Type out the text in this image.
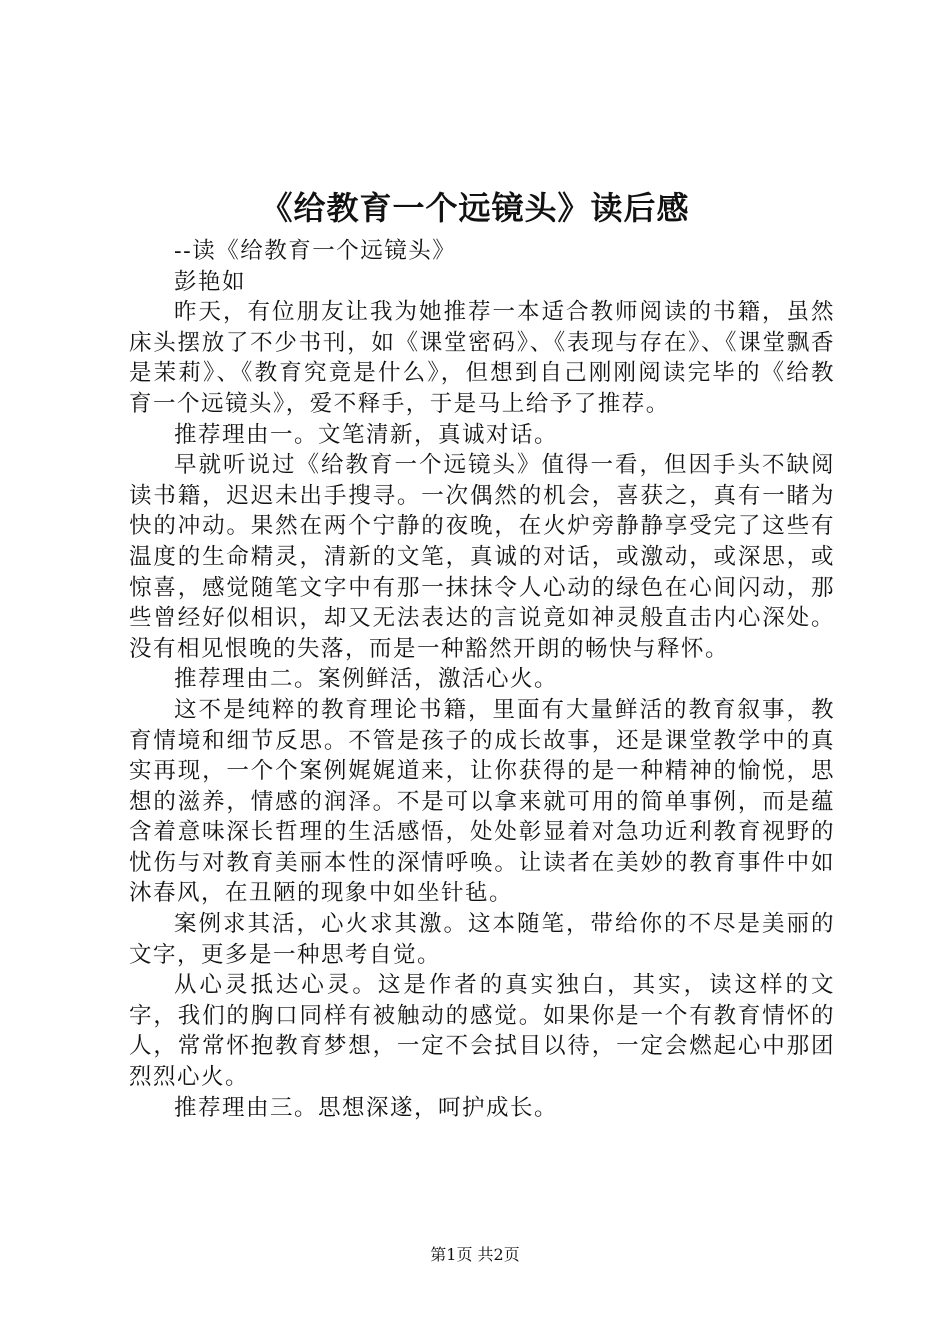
《给教育一个远镜头》读后感

--读《给教育一个远镜头》

彭艳如

昨天，有位朋友让我为她推荐一本适合教师阅读的书籍，虽然床头摆放了不少书刊，如《课堂密码》、《表现与存在》、《课堂飘香是茉莉》、《教育究竟是什么》，但想到自己刚刚阅读完毕的《给教育一个远镜头》，爱不释手，于是马上给予了推荐。

推荐理由一。文笔清新，真诚对话。

早就听说过《给教育一个远镜头》值得一看，但因手头不缺阅读书籍，迟迟未出手搜寻。一次偶然的机会，喜获之，真有一睹为快的冲动。果然在两个宁静的夜晚，在火炉旁静静享受完了这些有温度的生命精灵，清新的文笔，真诚的对话，或激动，或深思，或惊喜，感觉随笔文字中有那一抹抹令人心动的绿色在心间闪动，那些曾经好似相识，却又无法表达的言说竟如神灵般直击内心深处。没有相见恨晚的失落，而是一种豁然开朗的畅快与释怀。

推荐理由二。案例鲜活，激活心火。

这不是纯粹的教育理论书籍，里面有大量鲜活的教育叙事，教育情境和细节反思。不管是孩子的成长故事，还是课堂教学中的真实再现，一个个案例娓娓道来，让你获得的是一种精神的愉悦，思想的滋养，情感的润泽。不是可以拿来就可用的简单事例，而是蕴含着意味深长哲理的生活感悟，处处彰显着对急功近利教育视野的忧伤与对教育美丽本性的深情呼唤。让读者在美妙的教育事件中如沐春风，在丑陋的现象中如坐针毡。

案例求其活，心火求其激。这本随笔，带给你的不尽是美丽的文字，更多是一种思考自觉。

从心灵抵达心灵。这是作者的真实独白，其实，读这样的文字，我们的胸口同样有被触动的感觉。如果你是一个有教育情怀的人，常常怀抱教育梦想，一定不会拭目以待，一定会燃起心中那团烈烈心火。

推荐理由三。思想深遂，呵护成长。

第1页 共2页
